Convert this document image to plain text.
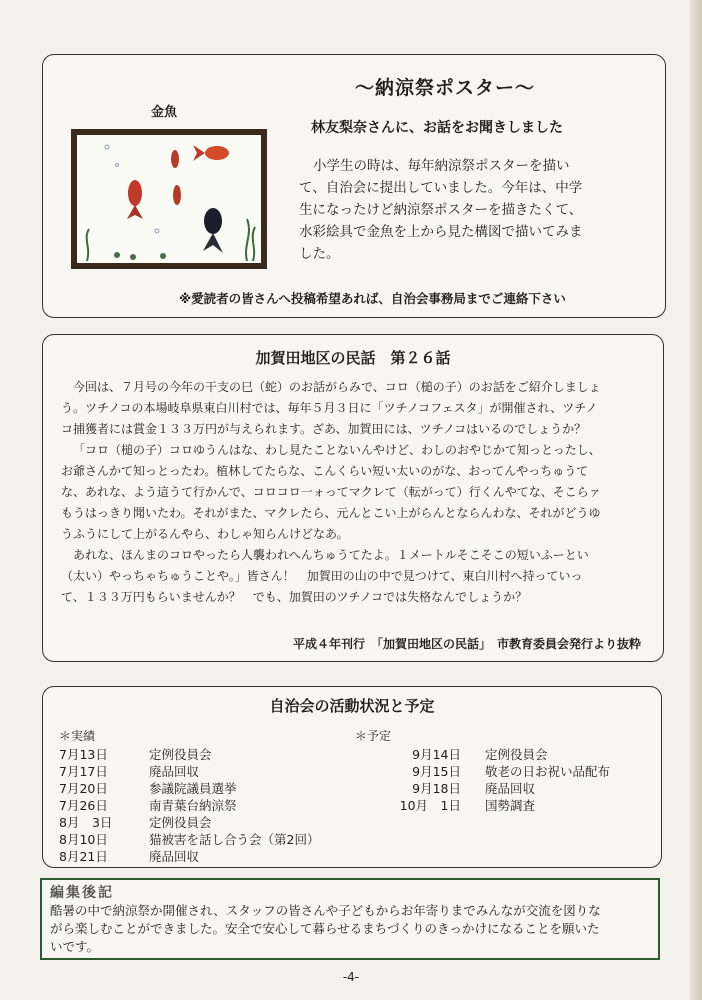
～納涼祭ポスター～
金魚
林友梨奈さんに、お話をお聞きしました
小学生の時は、毎年納涼祭ポスターを描い
て、自治会に提出していました。今年は、中学
生になったけど納涼祭ポスターを描きたくて、
水彩絵具で金魚を上から見た構図で描いてみま
した。
※愛読者の皆さんへ投稿希望あれば、自治会事務局までご連絡下さい
加賀田地区の民話　第２６話
今回は、７月号の今年の干支の巳（蛇）のお話がらみで、コロ（槌の子）のお話をご紹介しましょ
う。ツチノコの本場岐阜県東白川村では、毎年５月３日に「ツチノコフェスタ」が開催され、ツチノ
コ捕獲者には賞金１３３万円が与えられます。ざあ、加賀田には、ツチノコはいるのでしょうか？
「コロ（槌の子）コロゆうんはな、わし見たことないんやけど、わしのおやじかて知っとったし、
お爺さんかて知っとったわ。植林してたらな、こんくらい短い太いのがな、おってんやっちゅうて
な、あれな、よう這うて行かんで、コロコロ一ォってマクレて（転がって）行くんやてな、そこらァ
もうはっきり聞いたわ。それがまた、マクレたら、元んとこい上がらんとならんわな、それがどうゆ
うふうにして上がるんやら、わしゃ知らんけどなあ。
あれな、ほんまのコロやったら人襲われへんちゅうてたよ。１メートルそこそこの短いふーとい
（太い）やっちゃちゅうことや。」皆さん！　加賀田の山の中で見つけて、東白川村へ持っていっ
て、１３３万円もらいませんか？　でも、加賀田のツチノコでは失格なんでしょうか？
平成４年刊行　「加賀田地区の民話」　市教育委員会発行より抜粋
自治会の活動状況と予定
＊実績
7月13日	定例役員会
7月17日	廃品回収
7月20日	参議院議員選挙
7月26日	南青葉台納涼祭
8月　3日	定例役員会
8月10日	猫被害を話し合う会（第2回）
8月21日	廃品回収
＊予定
9月14日	定例役員会
9月15日	敬老の日お祝い品配布
9月18日	廃品回収
10月　1日	国勢調査
編集後記
酷暑の中で納涼祭か開催され、スタッフの皆さんや子どもからお年寄りまでみんなが交流を図りな
がら楽しむことができました。安全で安心して暮らせるまちづくりのきっかけになることを願いた
いです。
-4-
